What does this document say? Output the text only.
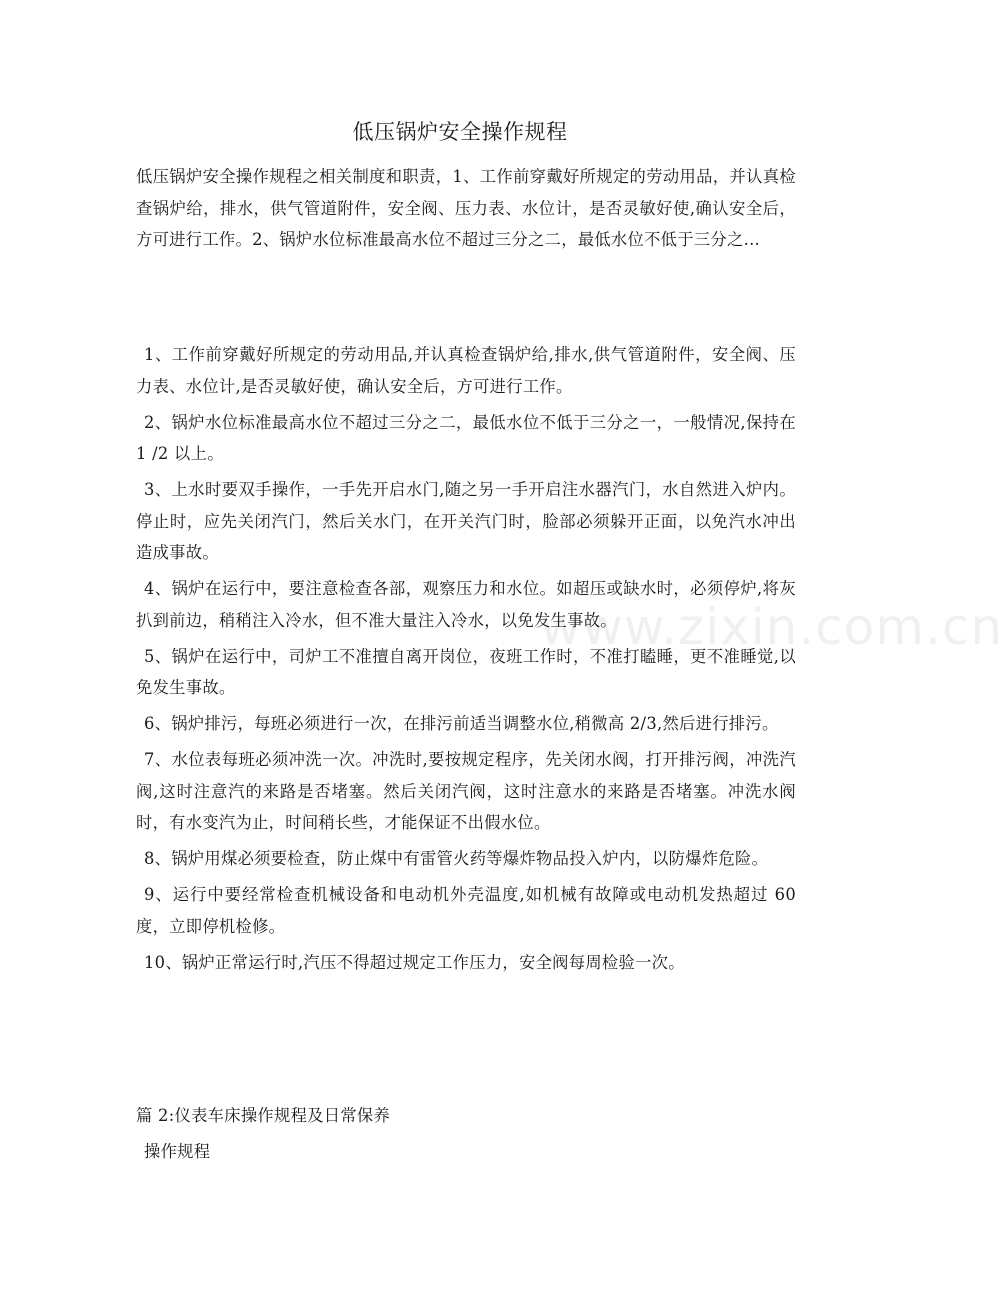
www.zixin.com.cn
低压锅炉安全操作规程
低压锅炉安全操作规程之相关制度和职责，1、工作前穿戴好所规定的劳动用品，并认真检查锅炉给，排水，供气管道附件，安全阀、压力表、水位计，是否灵敏好使,确认安全后，方可进行工作。2、锅炉水位标准最高水位不超过三分之二，最低水位不低于三分之...

1、工作前穿戴好所规定的劳动用品,并认真检查锅炉给,排水,供气管道附件，安全阀、压力表、水位计,是否灵敏好使，确认安全后，方可进行工作。

2、锅炉水位标准最高水位不超过三分之二，最低水位不低于三分之一，一般情况,保持在 1 /2 以上。

3、上水时要双手操作，一手先开启水门,随之另一手开启注水器汽门，水自然进入炉内。停止时，应先关闭汽门，然后关水门，在开关汽门时，脸部必须躲开正面，以免汽水冲出造成事故。

4、锅炉在运行中，要注意检查各部，观察压力和水位。如超压或缺水时，必须停炉,将灰扒到前边，稍稍注入冷水，但不准大量注入冷水，以免发生事故。

5、锅炉在运行中，司炉工不准擅自离开岗位，夜班工作时，不准打瞌睡，更不准睡觉,以免发生事故。

6、锅炉排污，每班必须进行一次，在排污前适当调整水位,稍微高 2/3,然后进行排污。

7、水位表每班必须冲洗一次。冲洗时,要按规定程序，先关闭水阀，打开排污阀，冲洗汽阀,这时注意汽的来路是否堵塞。然后关闭汽阀，这时注意水的来路是否堵塞。冲洗水阀时，有水变汽为止，时间稍长些，才能保证不出假水位。

8、锅炉用煤必须要检查，防止煤中有雷管火药等爆炸物品投入炉内，以防爆炸危险。

9、运行中要经常检查机械设备和电动机外壳温度,如机械有故障或电动机发热超过 60 度，立即停机检修。

10、锅炉正常运行时,汽压不得超过规定工作压力，安全阀每周检验一次。

篇 2:仪表车床操作规程及日常保养
操作规程
